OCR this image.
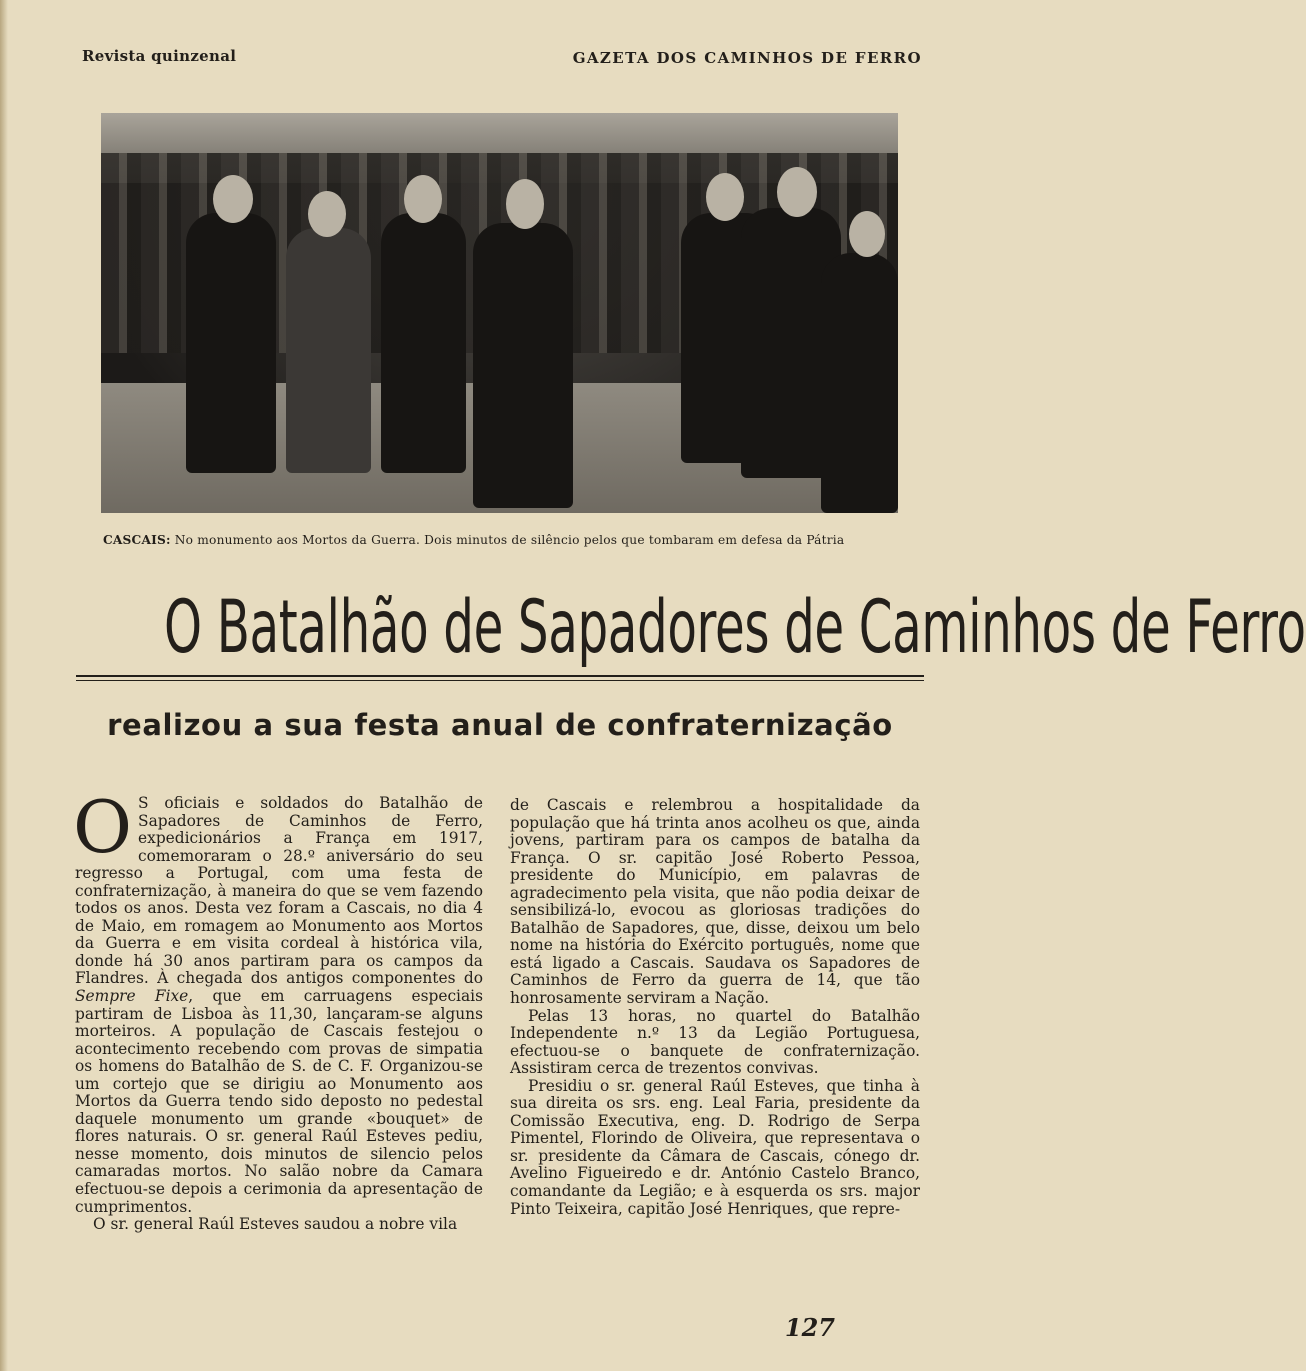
Revista quinzenal	GAZETA DOS CAMINHOS DE FERRO
CASCAIS: No monumento aos Mortos da Guerra. Dois minutos de silêncio pelos que tombaram em defesa da Pátria
O Batalhão de Sapadores de Caminhos de Ferro
realizou a sua festa anual de confraternização

O S oficiais e soldados do Batalhão de Sapadores de Caminhos de Ferro, expedicionários a França em 1917, comemoraram o 28.º aniversário do seu regresso a Portugal, com uma festa de confraternização, à maneira do que se vem fazendo todos os anos. Desta vez foram a Cascais, no dia 4 de Maio, em romagem ao Monumento aos Mortos da Guerra e em visita cordeal à histórica vila, donde há 30 anos partiram para os campos da Flandres. À chegada dos antigos componentes do Sempre Fixe, que em carruagens especiais partiram de Lisboa às 11,30, lançaram-se alguns morteiros. A população de Cascais festejou o acontecimento recebendo com provas de simpatia os homens do Batalhão de S. de C. F. Organizou-se um cortejo que se dirigiu ao Monumento aos Mortos da Guerra tendo sido deposto no pedestal daquele monumento um grande «bouquet» de flores naturais. O sr. general Raúl Esteves pediu, nesse momento, dois minutos de silencio pelos camaradas mortos. No salão nobre da Camara efectuou-se depois a cerimonia da apresentação de cumprimentos.

O sr. general Raúl Esteves saudou a nobre vila

de Cascais e relembrou a hospitalidade da população que há trinta anos acolheu os que, ainda jovens, partiram para os campos de batalha da França. O sr. capitão José Roberto Pessoa, presidente do Município, em palavras de agradecimento pela visita, que não podia deixar de sensibilizá-lo, evocou as gloriosas tradições do Batalhão de Sapadores, que, disse, deixou um belo nome na história do Exército português, nome que está ligado a Cascais. Saudava os Sapadores de Caminhos de Ferro da guerra de 14, que tão honrosamente serviram a Nação.

Pelas 13 horas, no quartel do Batalhão Independente n.º 13 da Legião Portuguesa, efectuou-se o banquete de confraternização. Assistiram cerca de trezentos convivas.

Presidiu o sr. general Raúl Esteves, que tinha à sua direita os srs. eng. Leal Faria, presidente da Comissão Executiva, eng. D. Rodrigo de Serpa Pimentel, Florindo de Oliveira, que representava o sr. presidente da Câmara de Cascais, cónego dr. Avelino Figueiredo e dr. António Castelo Branco, comandante da Legião; e à esquerda os srs. major Pinto Teixeira, capitão José Henriques, que repre-

127
